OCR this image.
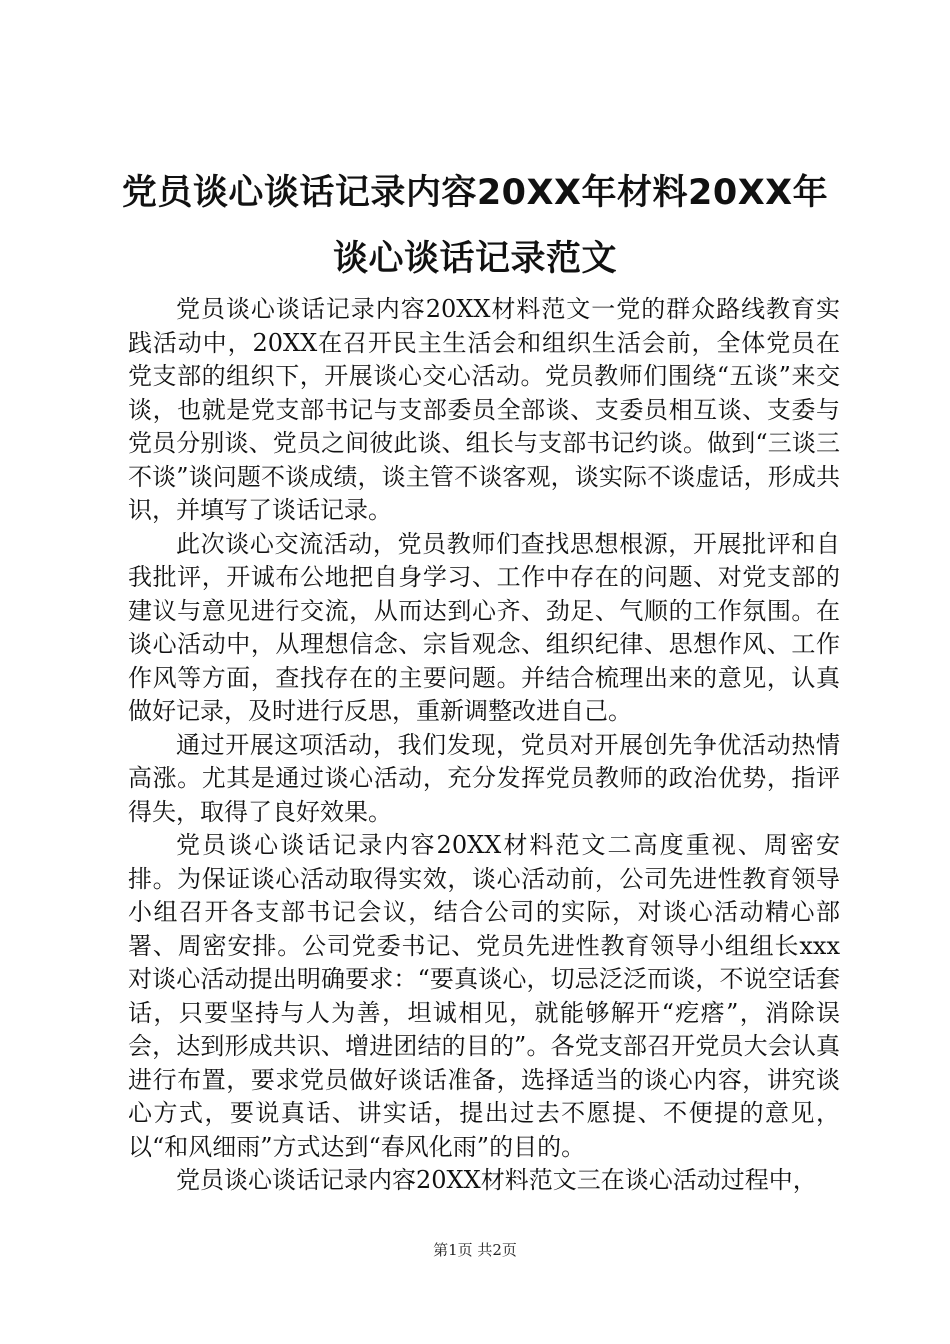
党员谈心谈话记录内容20XX年材料20XX年谈心谈话记录范文

党员谈心谈话记录内容20XX材料范文一党的群众路线教育实践活动中，20XX在召开民主生活会和组织生活会前，全体党员在党支部的组织下，开展谈心交心活动。党员教师们围绕“五谈”来交谈，也就是党支部书记与支部委员全部谈、支委员相互谈、支委与党员分别谈、党员之间彼此谈、组长与支部书记约谈。做到“三谈三不谈”谈问题不谈成绩，谈主管不谈客观，谈实际不谈虚话，形成共识，并填写了谈话记录。

此次谈心交流活动，党员教师们查找思想根源，开展批评和自我批评，开诚布公地把自身学习、工作中存在的问题、对党支部的建议与意见进行交流，从而达到心齐、劲足、气顺的工作氛围。在谈心活动中，从理想信念、宗旨观念、组织纪律、思想作风、工作作风等方面，查找存在的主要问题。并结合梳理出来的意见，认真做好记录，及时进行反思，重新调整改进自己。

通过开展这项活动，我们发现，党员对开展创先争优活动热情高涨。尤其是通过谈心活动，充分发挥党员教师的政治优势，指评得失，取得了良好效果。

党员谈心谈话记录内容20XX材料范文二高度重视、周密安排。为保证谈心活动取得实效，谈心活动前，公司先进性教育领导小组召开各支部书记会议，结合公司的实际，对谈心活动精心部署、周密安排。公司党委书记、党员先进性教育领导小组组长xxx对谈心活动提出明确要求：“要真谈心，切忌泛泛而谈，不说空话套话，只要坚持与人为善，坦诚相见，就能够解开“疙瘩”，消除误会，达到形成共识、增进团结的目的”。各党支部召开党员大会认真进行布置，要求党员做好谈话准备，选择适当的谈心内容，讲究谈心方式，要说真话、讲实话，提出过去不愿提、不便提的意见，以“和风细雨”方式达到“春风化雨”的目的。

党员谈心谈话记录内容20XX材料范文三在谈心活动过程中，

第1页 共2页
